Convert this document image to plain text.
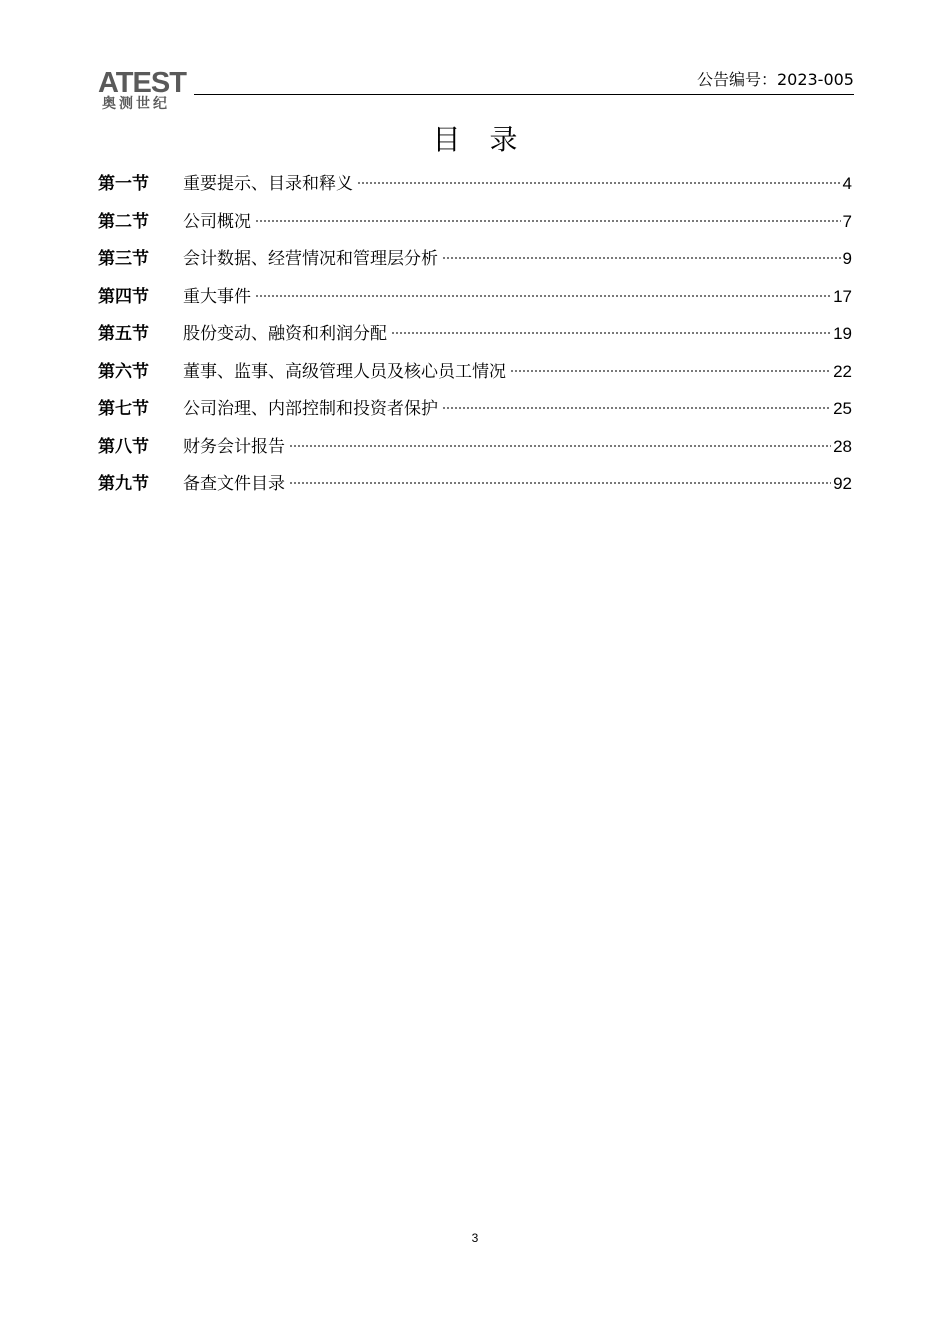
ATEST
奥测世纪
公告编号：2023-005
目 录
第一节	重要提示、目录和释义	4
第二节	公司概况	7
第三节	会计数据、经营情况和管理层分析	9
第四节	重大事件	17
第五节	股份变动、融资和利润分配	19
第六节	董事、监事、高级管理人员及核心员工情况	22
第七节	公司治理、内部控制和投资者保护	25
第八节	财务会计报告	28
第九节	备查文件目录	92
3
